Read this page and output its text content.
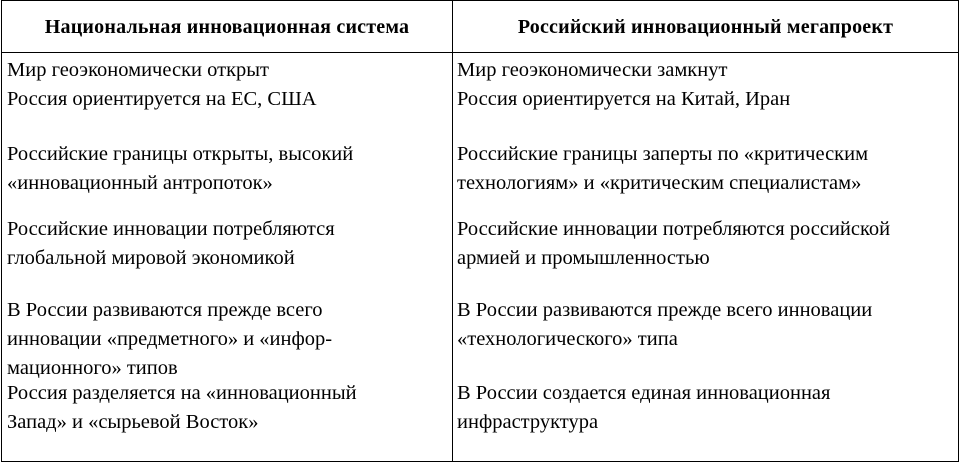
Национальная инновационная система	Российский инновационный мегапроект
Мир геоэкономически открыт
Россия ориентируется на ЕС, США
Российские границы открыты, высокий
«инновационный антропоток»
Российские инновации потребляются
глобальной мировой экономикой
В России развиваются прежде всего
инновации «предметного» и «инфор-
мационного» типов
Россия разделяется на «инновационный
Запад» и «сырьевой Восток»
Мир геоэкономически замкнут
Россия ориентируется на Китай, Иран
Российские границы заперты по «критическим
технологиям» и «критическим специалистам»
Российские инновации потребляются российской
армией и промышленностью
В России развиваются прежде всего инновации
«технологического» типа
В России создается единая инновационная
инфраструктура
